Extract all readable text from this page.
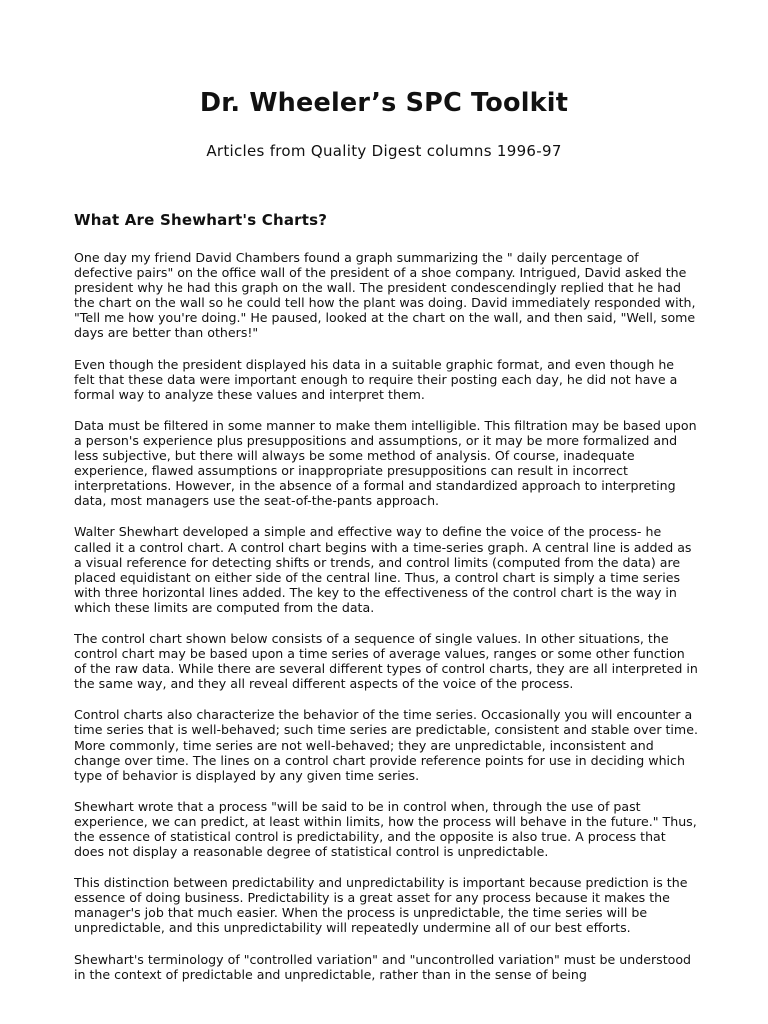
Dr. Wheeler’s SPC Toolkit
Articles from Quality Digest columns 1996-97
What Are Shewhart's Charts?

One day my friend David Chambers found a graph summarizing the " daily percentage of defective pairs" on the office wall of the president of a shoe company. Intrigued, David asked the president why he had this graph on the wall. The president condescendingly replied that he had the chart on the wall so he could tell how the plant was doing. David immediately responded with, "Tell me how you're doing." He paused, looked at the chart on the wall, and then said, "Well, some days are better than others!"

Even though the president displayed his data in a suitable graphic format, and even though he felt that these data were important enough to require their posting each day, he did not have a formal way to analyze these values and interpret them.

Data must be filtered in some manner to make them intelligible. This filtration may be based upon a person's experience plus presuppositions and assumptions, or it may be more formalized and less subjective, but there will always be some method of analysis. Of course, inadequate experience, flawed assumptions or inappropriate presuppositions can result in incorrect interpretations. However, in the absence of a formal and standardized approach to interpreting data, most managers use the seat-of-the-pants approach.

Walter Shewhart developed a simple and effective way to define the voice of the process- he called it a control chart. A control chart begins with a time-series graph. A central line is added as a visual reference for detecting shifts or trends, and control limits (computed from the data) are placed equidistant on either side of the central line. Thus, a control chart is simply a time series with three horizontal lines added. The key to the effectiveness of the control chart is the way in which these limits are computed from the data.

The control chart shown below consists of a sequence of single values. In other situations, the control chart may be based upon a time series of average values, ranges or some other function of the raw data. While there are several different types of control charts, they are all interpreted in the same way, and they all reveal different aspects of the voice of the process.

Control charts also characterize the behavior of the time series. Occasionally you will encounter a time series that is well-behaved; such time series are predictable, consistent and stable over time. More commonly, time series are not well-behaved; they are unpredictable, inconsistent and change over time. The lines on a control chart provide reference points for use in deciding which type of behavior is displayed by any given time series.

Shewhart wrote that a process "will be said to be in control when, through the use of past experience, we can predict, at least within limits, how the process will behave in the future." Thus, the essence of statistical control is predictability, and the opposite is also true. A process that does not display a reasonable degree of statistical control is unpredictable.

This distinction between predictability and unpredictability is important because prediction is the essence of doing business. Predictability is a great asset for any process because it makes the manager's job that much easier. When the process is unpredictable, the time series will be unpredictable, and this unpredictability will repeatedly undermine all of our best efforts.

Shewhart's terminology of "controlled variation" and "uncontrolled variation" must be understood in the context of predictable and unpredictable, rather than in the sense of being
